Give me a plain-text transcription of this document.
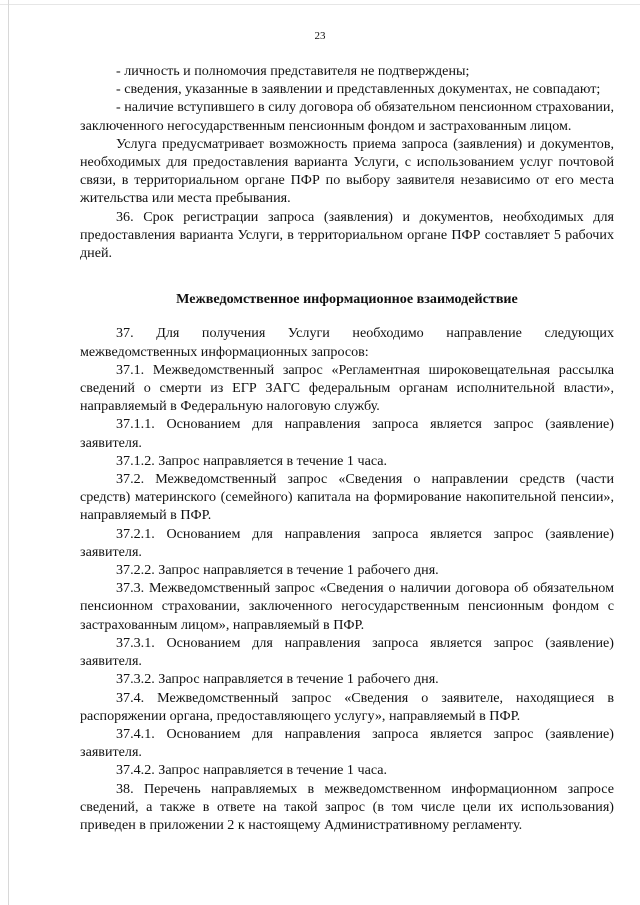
23

- личность и полномочия представителя не подтверждены;

- сведения, указанные в заявлении и представленных документах, не совпадают;

- наличие вступившего в силу договора об обязательном пенсионном страховании, заключенного негосударственным пенсионным фондом и застрахованным лицом.

Услуга предусматривает возможность приема запроса (заявления) и документов, необходимых для предоставления варианта Услуги, с использованием услуг почтовой связи, в территориальном органе ПФР по выбору заявителя независимо от его места жительства или места пребывания.

36. Срок регистрации запроса (заявления) и документов, необходимых для предоставления варианта Услуги, в территориальном органе ПФР составляет 5 рабочих дней.

Межведомственное информационное взаимодействие

37. Для получения Услуги необходимо направление следующих межведомственных информационных запросов:

37.1. Межведомственный запрос «Регламентная широковещательная рассылка сведений о смерти из ЕГР ЗАГС федеральным органам исполнительной власти», направляемый в Федеральную налоговую службу.

37.1.1. Основанием для направления запроса является запрос (заявление) заявителя.

37.1.2. Запрос направляется в течение 1 часа.

37.2. Межведомственный запрос «Сведения о направлении средств (части средств) материнского (семейного) капитала на формирование накопительной пенсии», направляемый в ПФР.

37.2.1. Основанием для направления запроса является запрос (заявление) заявителя.

37.2.2. Запрос направляется в течение 1 рабочего дня.

37.3. Межведомственный запрос «Сведения о наличии договора об обязательном пенсионном страховании, заключенного негосударственным пенсионным фондом с застрахованным лицом», направляемый в ПФР.

37.3.1. Основанием для направления запроса является запрос (заявление) заявителя.

37.3.2. Запрос направляется в течение 1 рабочего дня.

37.4. Межведомственный запрос «Сведения о заявителе, находящиеся в распоряжении органа, предоставляющего услугу», направляемый в ПФР.

37.4.1. Основанием для направления запроса является запрос (заявление) заявителя.

37.4.2. Запрос направляется в течение 1 часа.

38. Перечень направляемых в межведомственном информационном запросе сведений, а также в ответе на такой запрос (в том числе цели их использования) приведен в приложении 2 к настоящему Административному регламенту.
